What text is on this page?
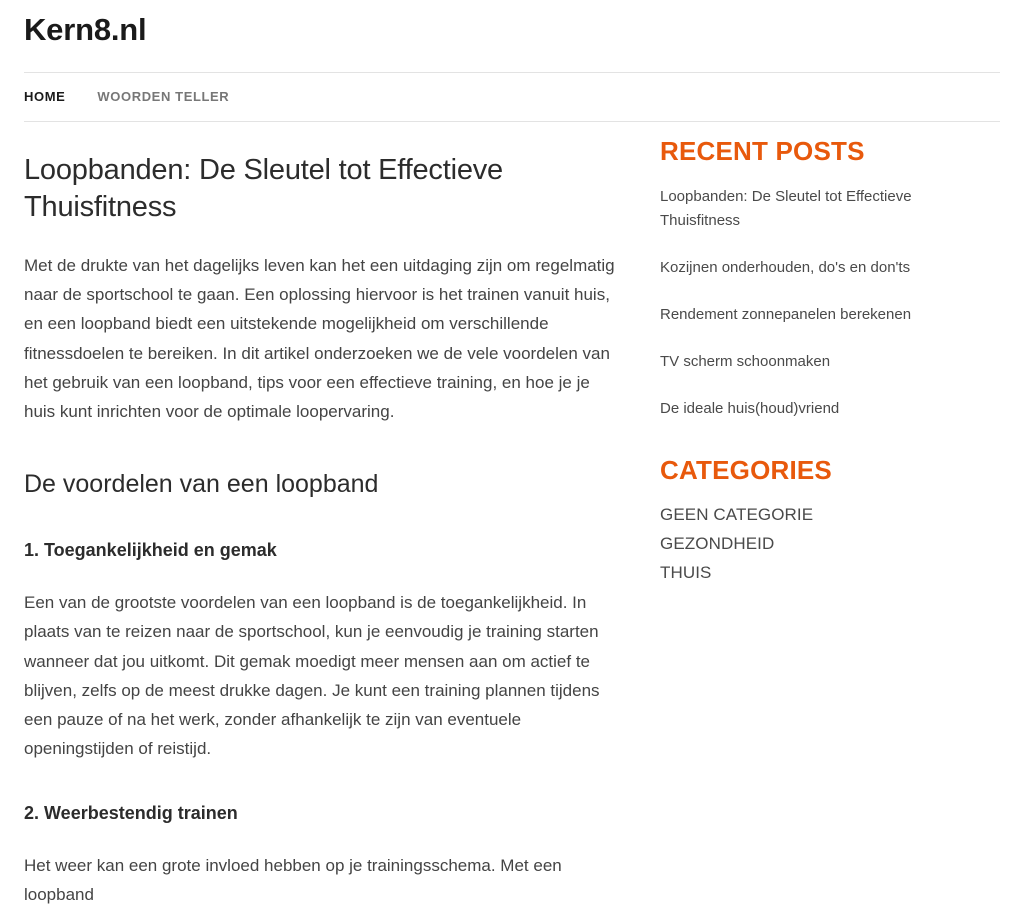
Kern8.nl
HOME WOORDEN TELLER
Loopbanden: De Sleutel tot Effectieve Thuisfitness

Met de drukte van het dagelijks leven kan het een uitdaging zijn om regelmatig naar de sportschool te gaan. Een oplossing hiervoor is het trainen vanuit huis, en een loopband biedt een uitstekende mogelijkheid om verschillende fitnessdoelen te bereiken. In dit artikel onderzoeken we de vele voordelen van het gebruik van een loopband, tips voor een effectieve training, en hoe je je huis kunt inrichten voor de optimale loopervaring.

De voordelen van een loopband
1. Toegankelijkheid en gemak

Een van de grootste voordelen van een loopband is de toegankelijkheid. In plaats van te reizen naar de sportschool, kun je eenvoudig je training starten wanneer dat jou uitkomt. Dit gemak moedigt meer mensen aan om actief te blijven, zelfs op de meest drukke dagen. Je kunt een training plannen tijdens een pauze of na het werk, zonder afhankelijk te zijn van eventuele openingstijden of reistijd.

2. Weerbestendig trainen

Het weer kan een grote invloed hebben op je trainingsschema. Met een loopband

RECENT POSTS
Loopbanden: De Sleutel tot Effectieve Thuisfitness
Kozijnen onderhouden, do's en don'ts
Rendement zonnepanelen berekenen
TV scherm schoonmaken
De ideale huis(houd)vriend
CATEGORIES
GEEN CATEGORIE
GEZONDHEID
THUIS
